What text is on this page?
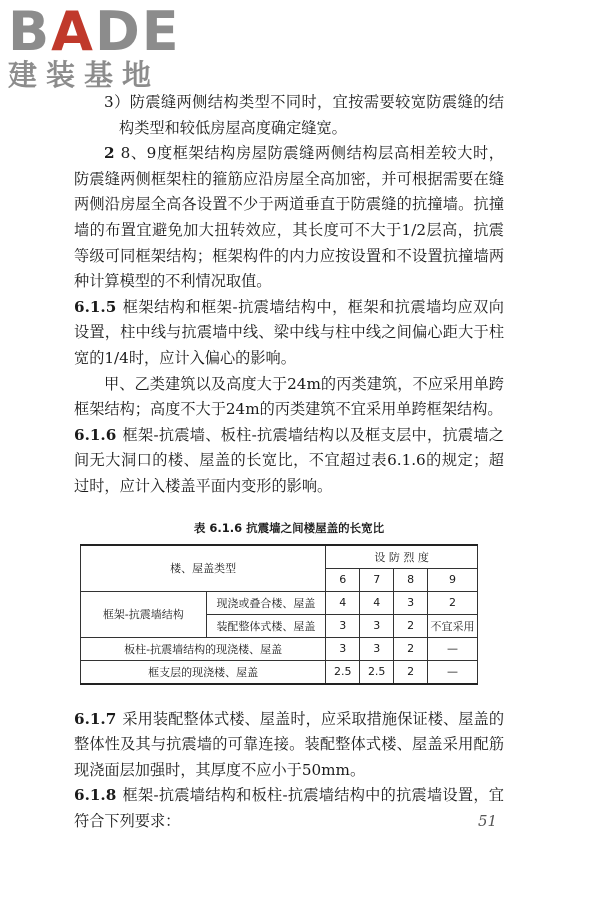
BADE
建装基地

3）防震缝两侧结构类型不同时，宜按需要较宽防震缝的结构类型和较低房屋高度确定缝宽。

2 8、9度框架结构房屋防震缝两侧结构层高相差较大时，防震缝两侧框架柱的箍筋应沿房屋全高加密，并可根据需要在缝两侧沿房屋全高各设置不少于两道垂直于防震缝的抗撞墙。抗撞墙的布置宜避免加大扭转效应，其长度可不大于1/2层高，抗震等级可同框架结构；框架构件的内力应按设置和不设置抗撞墙两种计算模型的不利情况取值。

6.1.5 框架结构和框架-抗震墙结构中，框架和抗震墙均应双向设置，柱中线与抗震墙中线、梁中线与柱中线之间偏心距大于柱宽的1/4时，应计入偏心的影响。

甲、乙类建筑以及高度大于24m的丙类建筑，不应采用单跨框架结构；高度不大于24m的丙类建筑不宜采用单跨框架结构。

6.1.6 框架-抗震墙、板柱-抗震墙结构以及框支层中，抗震墙之间无大洞口的楼、屋盖的长宽比，不宜超过表6.1.6的规定；超过时，应计入楼盖平面内变形的影响。

表 6.1.6 抗震墙之间楼屋盖的长宽比
楼、屋盖类型		设 防 烈 度			
		6	7	8	9
框架-抗震墙结构	现浇或叠合楼、屋盖	4	4	3	2
	装配整体式楼、屋盖	3	3	2	不宜采用
板柱-抗震墙结构的现浇楼、屋盖		3	3	2	—
框支层的现浇楼、屋盖		2.5	2.5	2	—

6.1.7 采用装配整体式楼、屋盖时，应采取措施保证楼、屋盖的整体性及其与抗震墙的可靠连接。装配整体式楼、屋盖采用配筋现浇面层加强时，其厚度不应小于50mm。

6.1.8 框架-抗震墙结构和板柱-抗震墙结构中的抗震墙设置，宜符合下列要求：	51
